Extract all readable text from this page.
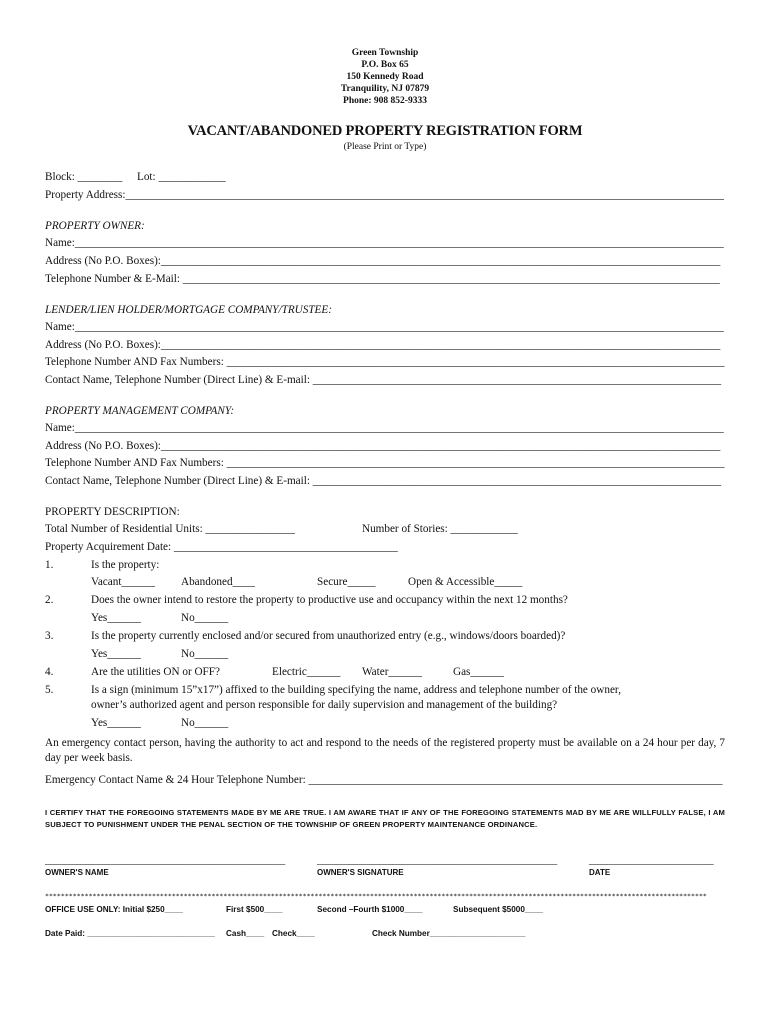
Green Township
P.O. Box 65
150 Kennedy Road
Tranquility, NJ 07879
Phone: 908 852-9333
VACANT/ABANDONED PROPERTY REGISTRATION FORM
(Please Print or Type)
Block: ________ Lot: ____________
Property Address:___________________________________________________________________________________________________________
PROPERTY OWNER:
Name:____________________________________________________________________________________________________________________
Address (No P.O. Boxes):____________________________________________________________________________________________________
Telephone Number & E-Mail: ________________________________________________________________________________________________
LENDER/LIEN HOLDER/MORTGAGE COMPANY/TRUSTEE:
Name:____________________________________________________________________________________________________________________
Address (No P.O. Boxes):____________________________________________________________________________________________________
Telephone Number AND Fax Numbers: _________________________________________________________________________________________
Contact Name, Telephone Number (Direct Line) & E-mail: _________________________________________________________________________
PROPERTY MANAGEMENT COMPANY:
Name:____________________________________________________________________________________________________________________
Address (No P.O. Boxes):____________________________________________________________________________________________________
Telephone Number AND Fax Numbers: _________________________________________________________________________________________
Contact Name, Telephone Number (Direct Line) & E-mail: _________________________________________________________________________
PROPERTY DESCRIPTION:
Total Number of Residential Units: ________________	Number of Stories: ____________
Property Acquirement Date: ________________________________________
1.	Is the property:
Vacant______ Abandoned____	Secure_____	Open & Accessible_____
2.	Does the owner intend to restore the property to productive use and occupancy within the next 12 months?
Yes______	No______
3.	Is the property currently enclosed and/or secured from unauthorized entry (e.g., windows/doors boarded)?
Yes______	No______
4.	Are the utilities ON or OFF?	Electric______ Water______	Gas______
5.	Is a sign (minimum 15”x17”) affixed to the building specifying the name, address and telephone number of the owner,
owner’s authorized agent and person responsible for daily supervision and management of the building?
Yes______	No______
An emergency contact person, having the authority to act and respond to the needs of the registered property must be available on a 24 hour per day, 7 day per week basis.
Emergency Contact Name & 24 Hour Telephone Number: __________________________________________________________________________
I CERTIFY THAT THE FOREGOING STATEMENTS MADE BY ME ARE TRUE. I AM AWARE THAT IF ANY OF THE FOREGOING STATEMENTS MAD BY ME ARE WILLFULLY FALSE, I AM SUBJECT TO PUNISHMENT UNDER THE PENAL SECTION OF THE TOWNSHIP OF GREEN PROPERTY MAINTENANCE ORDINANCE.
______________________________________________________	______________________________________________________	____________________________
OWNER'S NAME	OWNER'S SIGNATURE	DATE
***********************************************************************************************************************************************************************
OFFICE USE ONLY: Initial $250____	First $500____	Second –Fourth $1000____	Subsequent $5000____
Date Paid: ____________________________ Cash____ Check____	Check Number_____________________
